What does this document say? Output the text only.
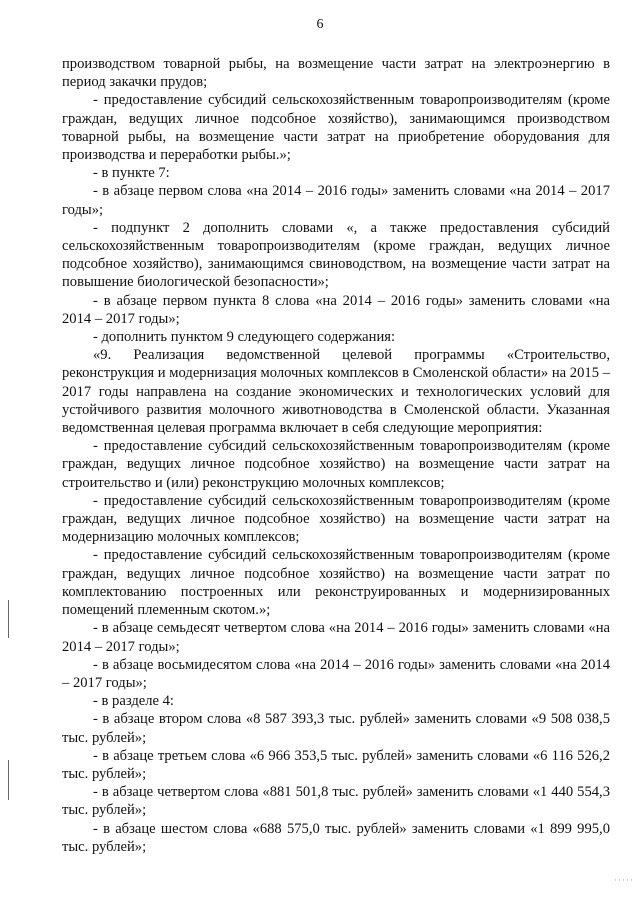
6

производством товарной рыбы, на возмещение части затрат на электроэнергию в период закачки прудов;

- предоставление субсидий сельскохозяйственным товаропроизводителям (кроме граждан, ведущих личное подсобное хозяйство), занимающимся производством товарной рыбы, на возмещение части затрат на приобретение оборудования для производства и переработки рыбы.»;

- в пункте 7:

- в абзаце первом слова «на 2014 – 2016 годы» заменить словами «на 2014 – 2017 годы»;

- подпункт 2 дополнить словами «, а также предоставления субсидий сельскохозяйственным товаропроизводителям (кроме граждан, ведущих личное подсобное хозяйство), занимающимся свиноводством, на возмещение части затрат на повышение биологической безопасности»;

- в абзаце первом пункта 8 слова «на 2014 – 2016 годы» заменить словами «на 2014 – 2017 годы»;

- дополнить пунктом 9 следующего содержания:

«9. Реализация ведомственной целевой программы «Строительство, реконструкция и модернизация молочных комплексов в Смоленской области» на 2015 – 2017 годы направлена на создание экономических и технологических условий для устойчивого развития молочного животноводства в Смоленской области. Указанная ведомственная целевая программа включает в себя следующие мероприятия:

- предоставление субсидий сельскохозяйственным товаропроизводителям (кроме граждан, ведущих личное подсобное хозяйство) на возмещение части затрат на строительство и (или) реконструкцию молочных комплексов;

- предоставление субсидий сельскохозяйственным товаропроизводителям (кроме граждан, ведущих личное подсобное хозяйство) на возмещение части затрат на модернизацию молочных комплексов;

- предоставление субсидий сельскохозяйственным товаропроизводителям (кроме граждан, ведущих личное подсобное хозяйство) на возмещение части затрат по комплектованию построенных или реконструированных и модернизированных помещений племенным скотом.»;

- в абзаце семьдесят четвертом слова «на 2014 – 2016 годы» заменить словами «на 2014 – 2017 годы»;

- в абзаце восьмидесятом слова «на 2014 – 2016 годы» заменить словами «на 2014 – 2017 годы»;

- в разделе 4:

- в абзаце втором слова «8 587 393,3 тыс. рублей» заменить словами «9 508 038,5 тыс. рублей»;

- в абзаце третьем слова «6 966 353,5 тыс. рублей» заменить словами «6 116 526,2 тыс. рублей»;

- в абзаце четвертом слова «881 501,8 тыс. рублей» заменить словами «1 440 554,3 тыс. рублей»;

- в абзаце шестом слова «688 575,0 тыс. рублей» заменить словами «1 899 995,0 тыс. рублей»;

·····
